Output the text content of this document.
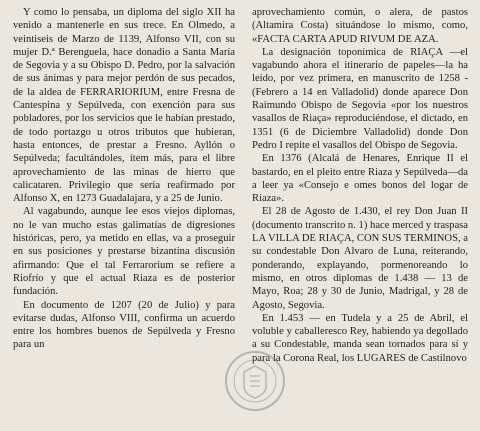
Y como lo pensaba, un diploma del siglo XII ha venido a mantenerle en sus trece. En Olmedo, a veintiseis de Marzo de 1139, Alfonso VII, con su mujer D.ª Berenguela, hace donadio a Santa María de Segovia y a su Obispo D. Pedro, por la salvación de sus ánimas y para mejor perdón de sus pecados, de la aldea de FERRARIORIUM, entre Fresna de Cantespina y Sepúlveda, con exención para sus pobladores, por los servicios que le habían prestado, de todo portazgo u otros tributos que hubieran, hasta entonces, de prestar a Fresno. Ayllón o Sepúlveda; facultándoles, ítem más, para el libre aprovechamiento de las minas de hierro que calicataren. Privilegio que sería reafirmado por Alfonso X, en 1273 Guadalajara, y a 25 de Junio.

Al vagabundo, aunque lee esos viejos diplomas, no le van mucho estas galimatías de digresiones históricas, pero, ya metido en ellas, va a proseguir en sus posiciones y prestarse bizantina discusión afirmando: Que el tal Ferrarorium se refiere a Riofrío y que el actual Riaza es de posterior fundación.

En documento de 1207 (20 de Julio) y para evitarse dudas, Alfonso VIII, confirma un acuerdo entre los hombres buenos de Sepúlveda y Fresno para un

aprovechamiento común, o alera, de pastos (Altamira Costa) situándose lo mismo, como, «FACTA CARTA APUD RIVUM DE AZA.

La designación toponímica de RIAÇA —el vagabundo ahora el itinerario de papeles—la ha leído, por vez primera, en manuscrito de 1258 - (Febrero a 14 en Valladolid) donde aparece Don Raimundo Obispo de Segovia «por los nuestros vasallos de Riaça» reproduciéndose, el dictado, en 1351 (6 de Diciembre Valladolid) donde Don Pedro I repite el vasallos del Obispo de Segovia.

En 1376 (Alcalá de Henares, Enrique II el bastardo, en el pleito entre Riaza y Sepúlveda—da a leer ya «Consejo e omes bonos del logar de Riaza».

El 28 de Agosto de 1.430, el rey Don Juan II (documento transcrito n. 1) hace merced y traspasa LA VILLA DE RIAÇA, CON SUS TERMINOS, a su condestable Don Alvaro de Luna, reiterando, ponderando, explayando, pormenoreando lo mismo, en otros diplomas de 1.438 — 13 de Mayo, Roa; 28 y 30 de Junio, Madrigal, y 28 de Agosto, Segovia.

En 1.453 — en Tudela y a 25 de Abril, el voluble y caballeresco Rey, habiendo ya degollado a su Condestable, manda sean tornados para sí y para la Corona Real, los LUGARES de Castilnovo
